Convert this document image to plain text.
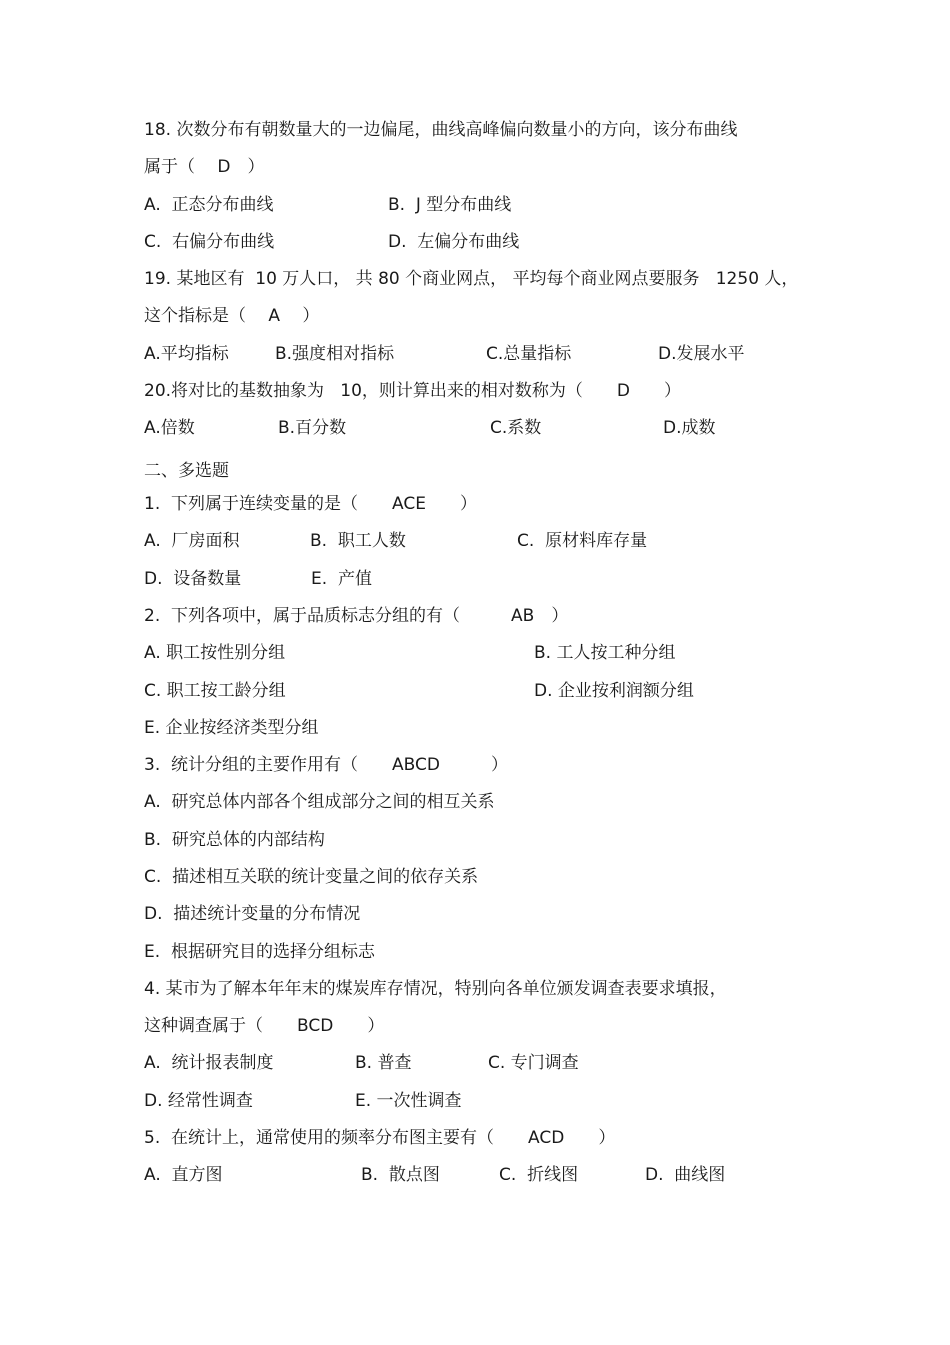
18. 次数分布有朝数量大的一边偏尾，曲线高峰偏向数量小的方向，该分布曲线
属于（　 D　）
A.  正态分布曲线	B.  J 型分布曲线
C.  右偏分布曲线	D.  左偏分布曲线
19. 某地区有  10 万人口， 共 80 个商业网点， 平均每个商业网点要服务   1250 人，
这个指标是（　 A　 ）
A.平均指标	B.强度相对指标	C.总量指标	D.发展水平
20.将对比的基数抽象为   10，则计算出来的相对数称为（　　D　　）
A.倍数	B.百分数	C.系数	D.成数
二、多选题
1.  下列属于连续变量的是（　　ACE　　）
A.  厂房面积	B.  职工人数	C.  原材料库存量
D.  设备数量	E.  产值
2.  下列各项中，属于品质标志分组的有（　　　AB　）
A. 职工按性别分组	B. 工人按工种分组
C. 职工按工龄分组	D. 企业按利润额分组
E. 企业按经济类型分组
3.  统计分组的主要作用有（　　ABCD　　　）
A.  研究总体内部各个组成部分之间的相互关系
B.  研究总体的内部结构
C.  描述相互关联的统计变量之间的依存关系
D.  描述统计变量的分布情况
E.  根据研究目的选择分组标志
4. 某市为了解本年年末的煤炭库存情况，特别向各单位颁发调查表要求填报，
这种调查属于（　　BCD　　）
A.  统计报表制度	B. 普查	C. 专门调查
D. 经常性调查	E. 一次性调查
5.  在统计上，通常使用的频率分布图主要有（　　ACD　　）
A.  直方图	B.  散点图	C.  折线图	D.  曲线图
